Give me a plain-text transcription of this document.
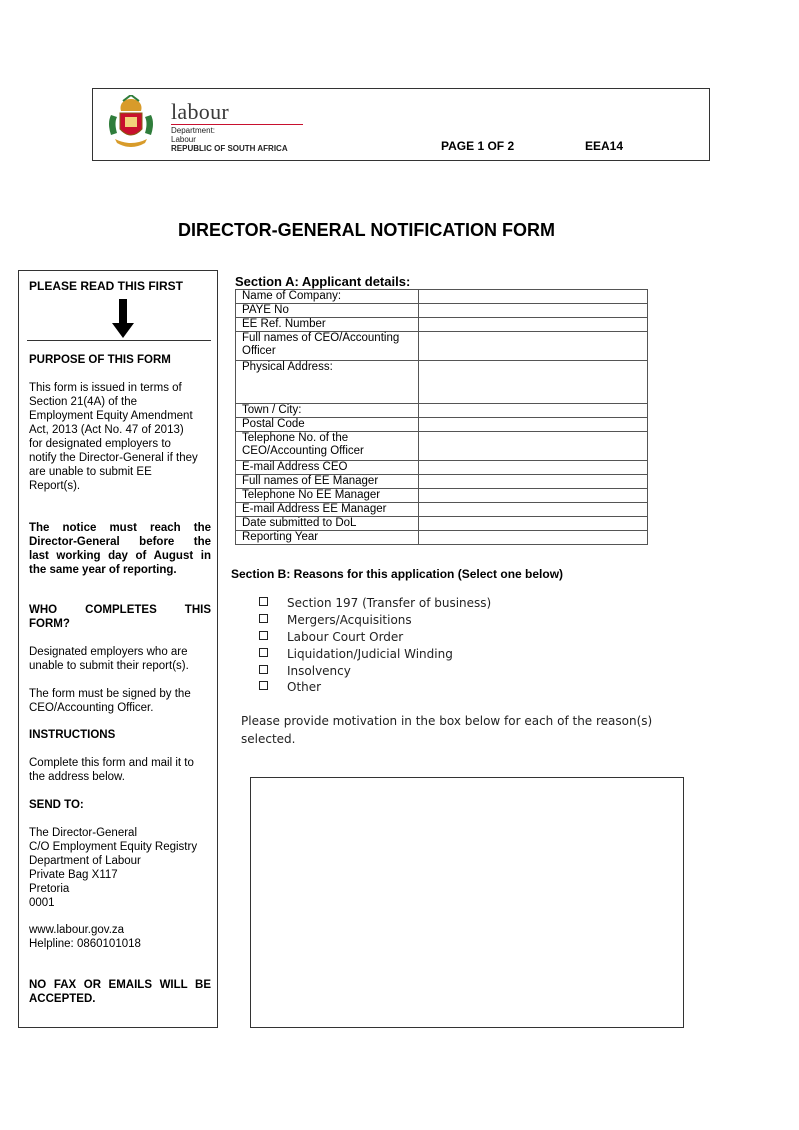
labour
Department:
Labour
REPUBLIC OF SOUTH AFRICA	PAGE 1 OF 2	EEA14
DIRECTOR-GENERAL NOTIFICATION FORM
PLEASE READ THIS FIRST
PURPOSE OF THIS FORM
This form is issued in terms of
Section 21(4A) of the
Employment Equity Amendment
Act, 2013 (Act No. 47 of 2013)
for designated employers to
notify the Director-General if they
are unable to submit EE
Report(s).
The notice must reach the
Director-General before the
last working day of August in
the same year of reporting.
WHO COMPLETES THIS
FORM?
Designated employers who are
unable to submit their report(s).
The form must be signed by the
CEO/Accounting Officer.
INSTRUCTIONS
Complete this form and mail it to
the address below.
SEND TO:
The Director-General
C/O Employment Equity Registry
Department of Labour
Private Bag X117
Pretoria
0001
www.labour.gov.za
Helpline: 0860101018
NO FAX OR EMAILS WILL BE
ACCEPTED.
Section A: Applicant details:
Name of Company:	
PAYE No	
EE Ref. Number	
Full names of CEO/Accounting Officer	
Physical Address:	
Town / City:	
Postal Code	
Telephone No. of the CEO/Accounting Officer	
E-mail Address CEO	
Full names of EE Manager	
Telephone No EE Manager	
E-mail Address EE Manager	
Date submitted to DoL	
Reporting Year	
Section B: Reasons for this application (Select one below)
Section 197 (Transfer of business)
Mergers/Acquisitions
Labour Court Order
Liquidation/Judicial Winding
Insolvency
Other
Please provide motivation in the box below for each of the reason(s) selected.
